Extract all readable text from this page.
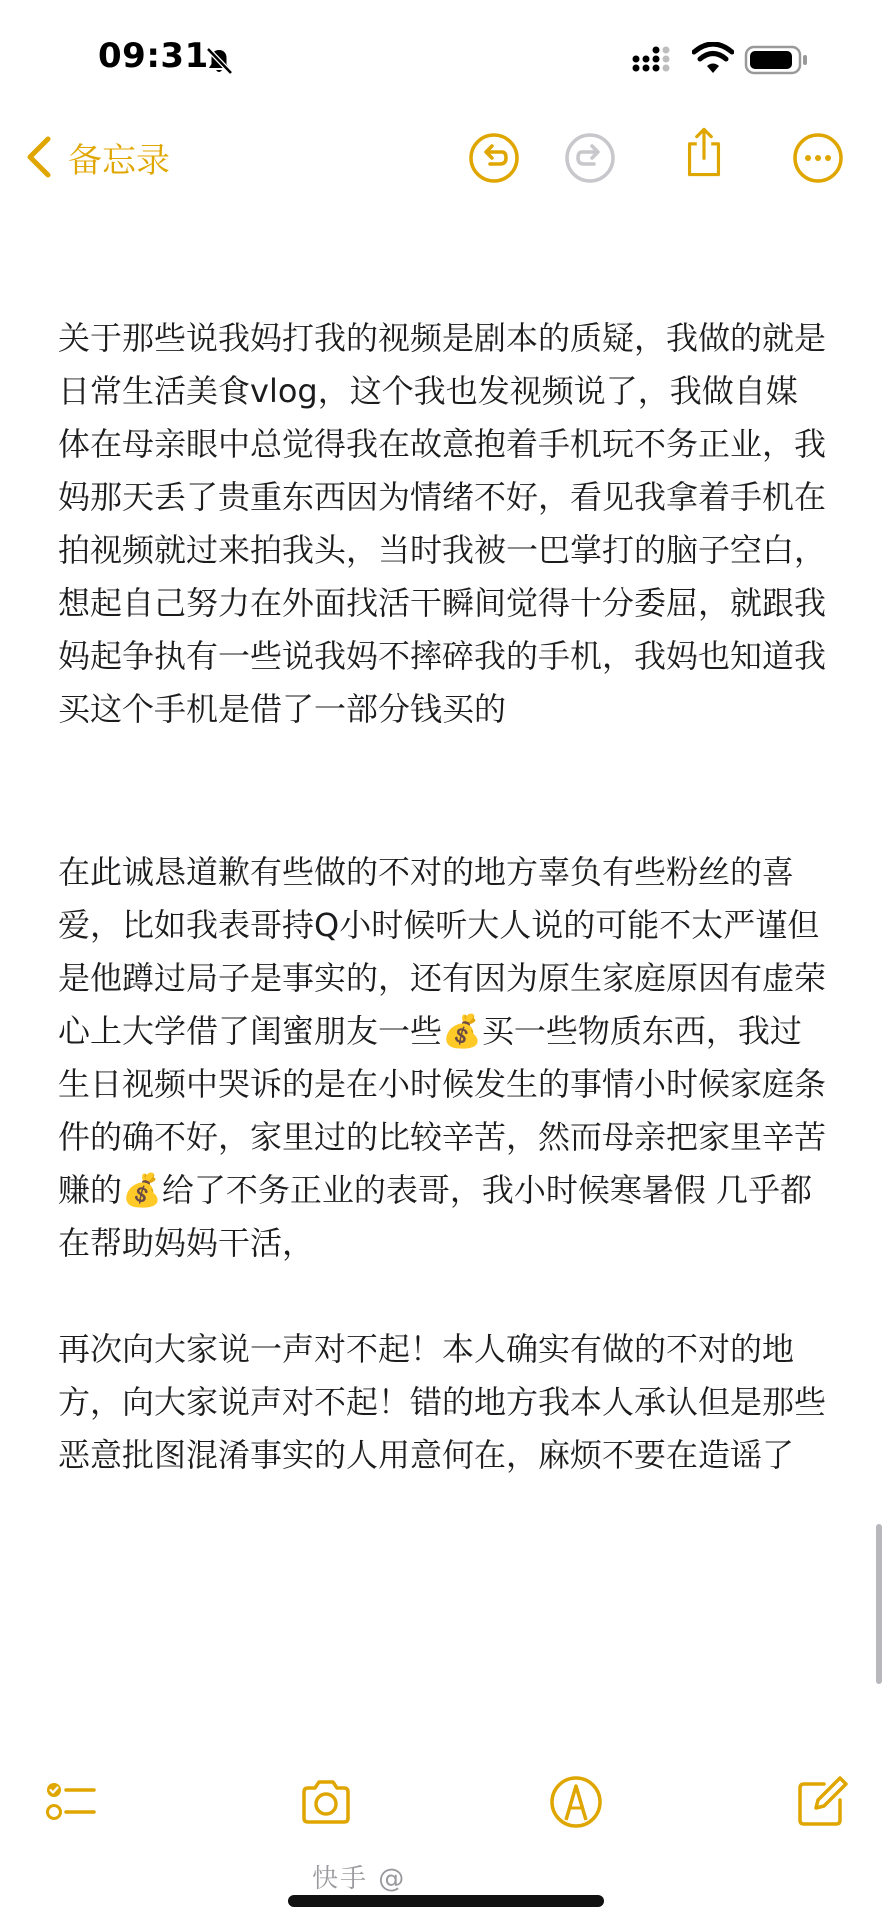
09:31
备忘录

关于那些说我妈打我的视频是剧本的质疑，我做的就是日常生活美食vlog，这个我也发视频说了，我做自媒体在母亲眼中总觉得我在故意抱着手机玩不务正业，我妈那天丢了贵重东西因为情绪不好，看见我拿着手机在拍视频就过来拍我头，当时我被一巴掌打的脑子空白，想起自己努力在外面找活干瞬间觉得十分委屈，就跟我妈起争执有一些说我妈不摔碎我的手机，我妈也知道我买这个手机是借了一部分钱买的

在此诚恳道歉有些做的不对的地方辜负有些粉丝的喜爱，比如我表哥持Q小时候听大人说的可能不太严谨但是他蹲过局子是事实的，还有因为原生家庭原因有虚荣心上大学借了闺蜜朋友一些💰买一些物质东西，我过生日视频中哭诉的是在小时候发生的事情小时候家庭条件的确不好，家里过的比较辛苦，然而母亲把家里辛苦赚的💰给了不务正业的表哥，我小时候寒暑假 几乎都在帮助妈妈干活，

再次向大家说一声对不起！本人确实有做的不对的地方，向大家说声对不起！错的地方我本人承认但是那些恶意批图混淆事实的人用意何在，麻烦不要在造谣了

快手 @
